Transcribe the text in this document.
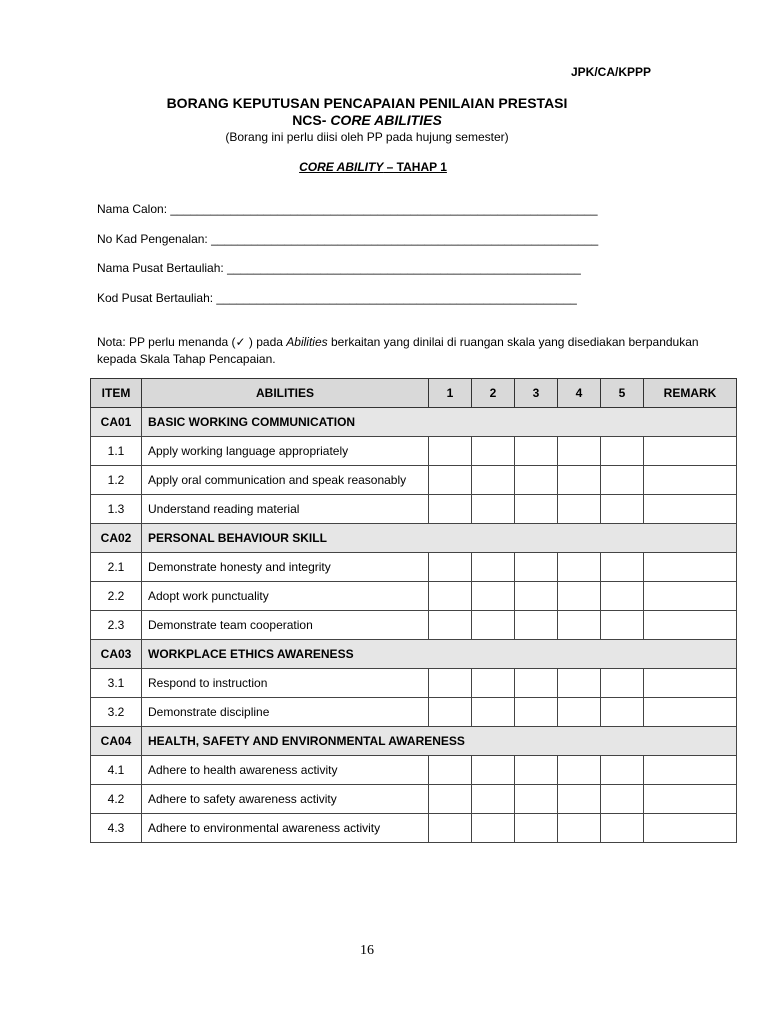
JPK/CA/KPPP
BORANG KEPUTUSAN PENCAPAIAN PENILAIAN PRESTASI
NCS- CORE ABILITIES
(Borang ini perlu diisi oleh PP pada hujung semester)
CORE ABILITY – TAHAP 1
Nama Calon: ________________________________________________________________
No Kad Pengenalan: __________________________________________________________
Nama Pusat Bertauliah: _____________________________________________________
Kod Pusat Bertauliah: ______________________________________________________
Nota: PP perlu menanda (✓ ) pada Abilities berkaitan yang dinilai di ruangan skala yang disediakan berpandukan kepada Skala Tahap Pencapaian.
ITEM	ABILITIES	1	2	3	4	5	REMARK
CA01	BASIC WORKING COMMUNICATION						
1.1	Apply working language appropriately						
1.2	Apply oral communication and speak reasonably						
1.3	Understand reading material						
CA02	PERSONAL BEHAVIOUR SKILL						
2.1	Demonstrate honesty and integrity						
2.2	Adopt work punctuality						
2.3	Demonstrate team cooperation						
CA03	WORKPLACE ETHICS AWARENESS						
3.1	Respond to instruction						
3.2	Demonstrate discipline						
CA04	HEALTH, SAFETY AND ENVIRONMENTAL AWARENESS						
4.1	Adhere to health awareness activity						
4.2	Adhere to safety awareness activity						
4.3	Adhere to environmental awareness activity						
16
